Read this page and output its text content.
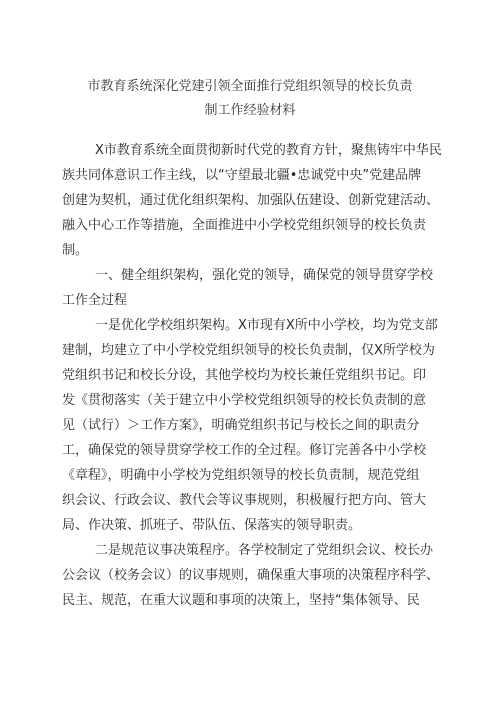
市教育系统深化党建引领全面推行党组织领导的校长负责
制工作经验材料
X市教育系统全面贯彻新时代党的教育方针，聚焦铸牢中华民
族共同体意识工作主线，以“守望最北疆•忠诚党中央”党建品牌
创建为契机，通过优化组织架构、加强队伍建设、创新党建活动、
融入中心工作等措施，全面推进中小学校党组织领导的校长负责
制。
一、健全组织架构，强化党的领导，确保党的领导贯穿学校
工作全过程
一是优化学校组织架构。X市现有X所中小学校，均为党支部
建制，均建立了中小学校党组织领导的校长负责制，仅X所学校为
党组织书记和校长分设，其他学校均为校长兼任党组织书记。印
发《贯彻落实（关于建立中小学校党组织领导的校长负责制的意
见（试行）＞工作方案》，明确党组织书记与校长之间的职责分
工，确保党的领导贯穿学校工作的全过程。修订完善各中小学校
《章程》，明确中小学校为党组织领导的校长负责制，规范党组
织会议、行政会议、教代会等议事规则，积极履行把方向、管大
局、作决策、抓班子、带队伍、保落实的领导职责。
二是规范议事决策程序。各学校制定了党组织会议、校长办
公会议（校务会议）的议事规则，确保重大事项的决策程序科学、
民主、规范，在重大议题和事项的决策上，坚持“集体领导、民
